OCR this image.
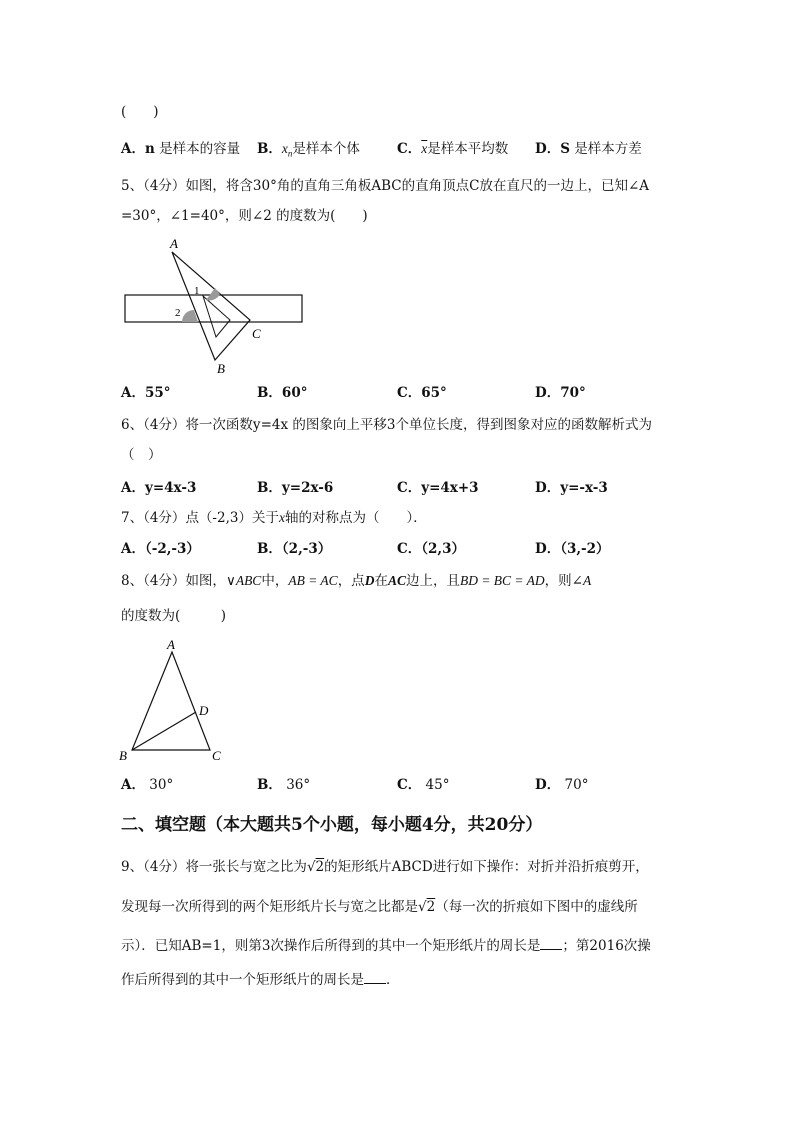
(　　)
A．n 是样本的容量 B．$x_n$是样本个体	C．$\overline{x}$是样本平均数 D．S 是样本方差
5、（4分）如图，将含30°角的直角三角板ABC的直角顶点C放在直尺的一边上，已知∠A
=30°，∠1=40°，则∠2 的度数为(　　)
A
1
2
C
B
A．55°	B．60°	C．65°	D．70°
6、（4分）将一次函数y=4x 的图象向上平移3个单位长度，得到图象对应的函数解析式为
（　）
A．y=4x-3	B．y=2x-6	C．y=4x+3	D．y=-x-3
7、（4分）点（-2,3）关于x轴的对称点为（　　）．
A．（-2,-3）	B．（2,-3）	C．（2,3）	D．（3,-2）
8、（4分）如图，∨ABC中，AB = AC，点D在AC边上，且BD = BC = AD，则∠A
的度数为(　　　)
A
D
B	C
A． 30°	B． 36°	C． 45°	D． 70°
二、填空题（本大题共5个小题，每小题4分，共20分）
9、（4分）将一张长与宽之比为√2的矩形纸片ABCD进行如下操作：对折并沿折痕剪开，
发现每一次所得到的两个矩形纸片长与宽之比都是√2（每一次的折痕如下图中的虚线所
示）．已知AB=1，则第3次操作后所得到的其中一个矩形纸片的周长是 ；第2016次操
作后所得到的其中一个矩形纸片的周长是 ．
